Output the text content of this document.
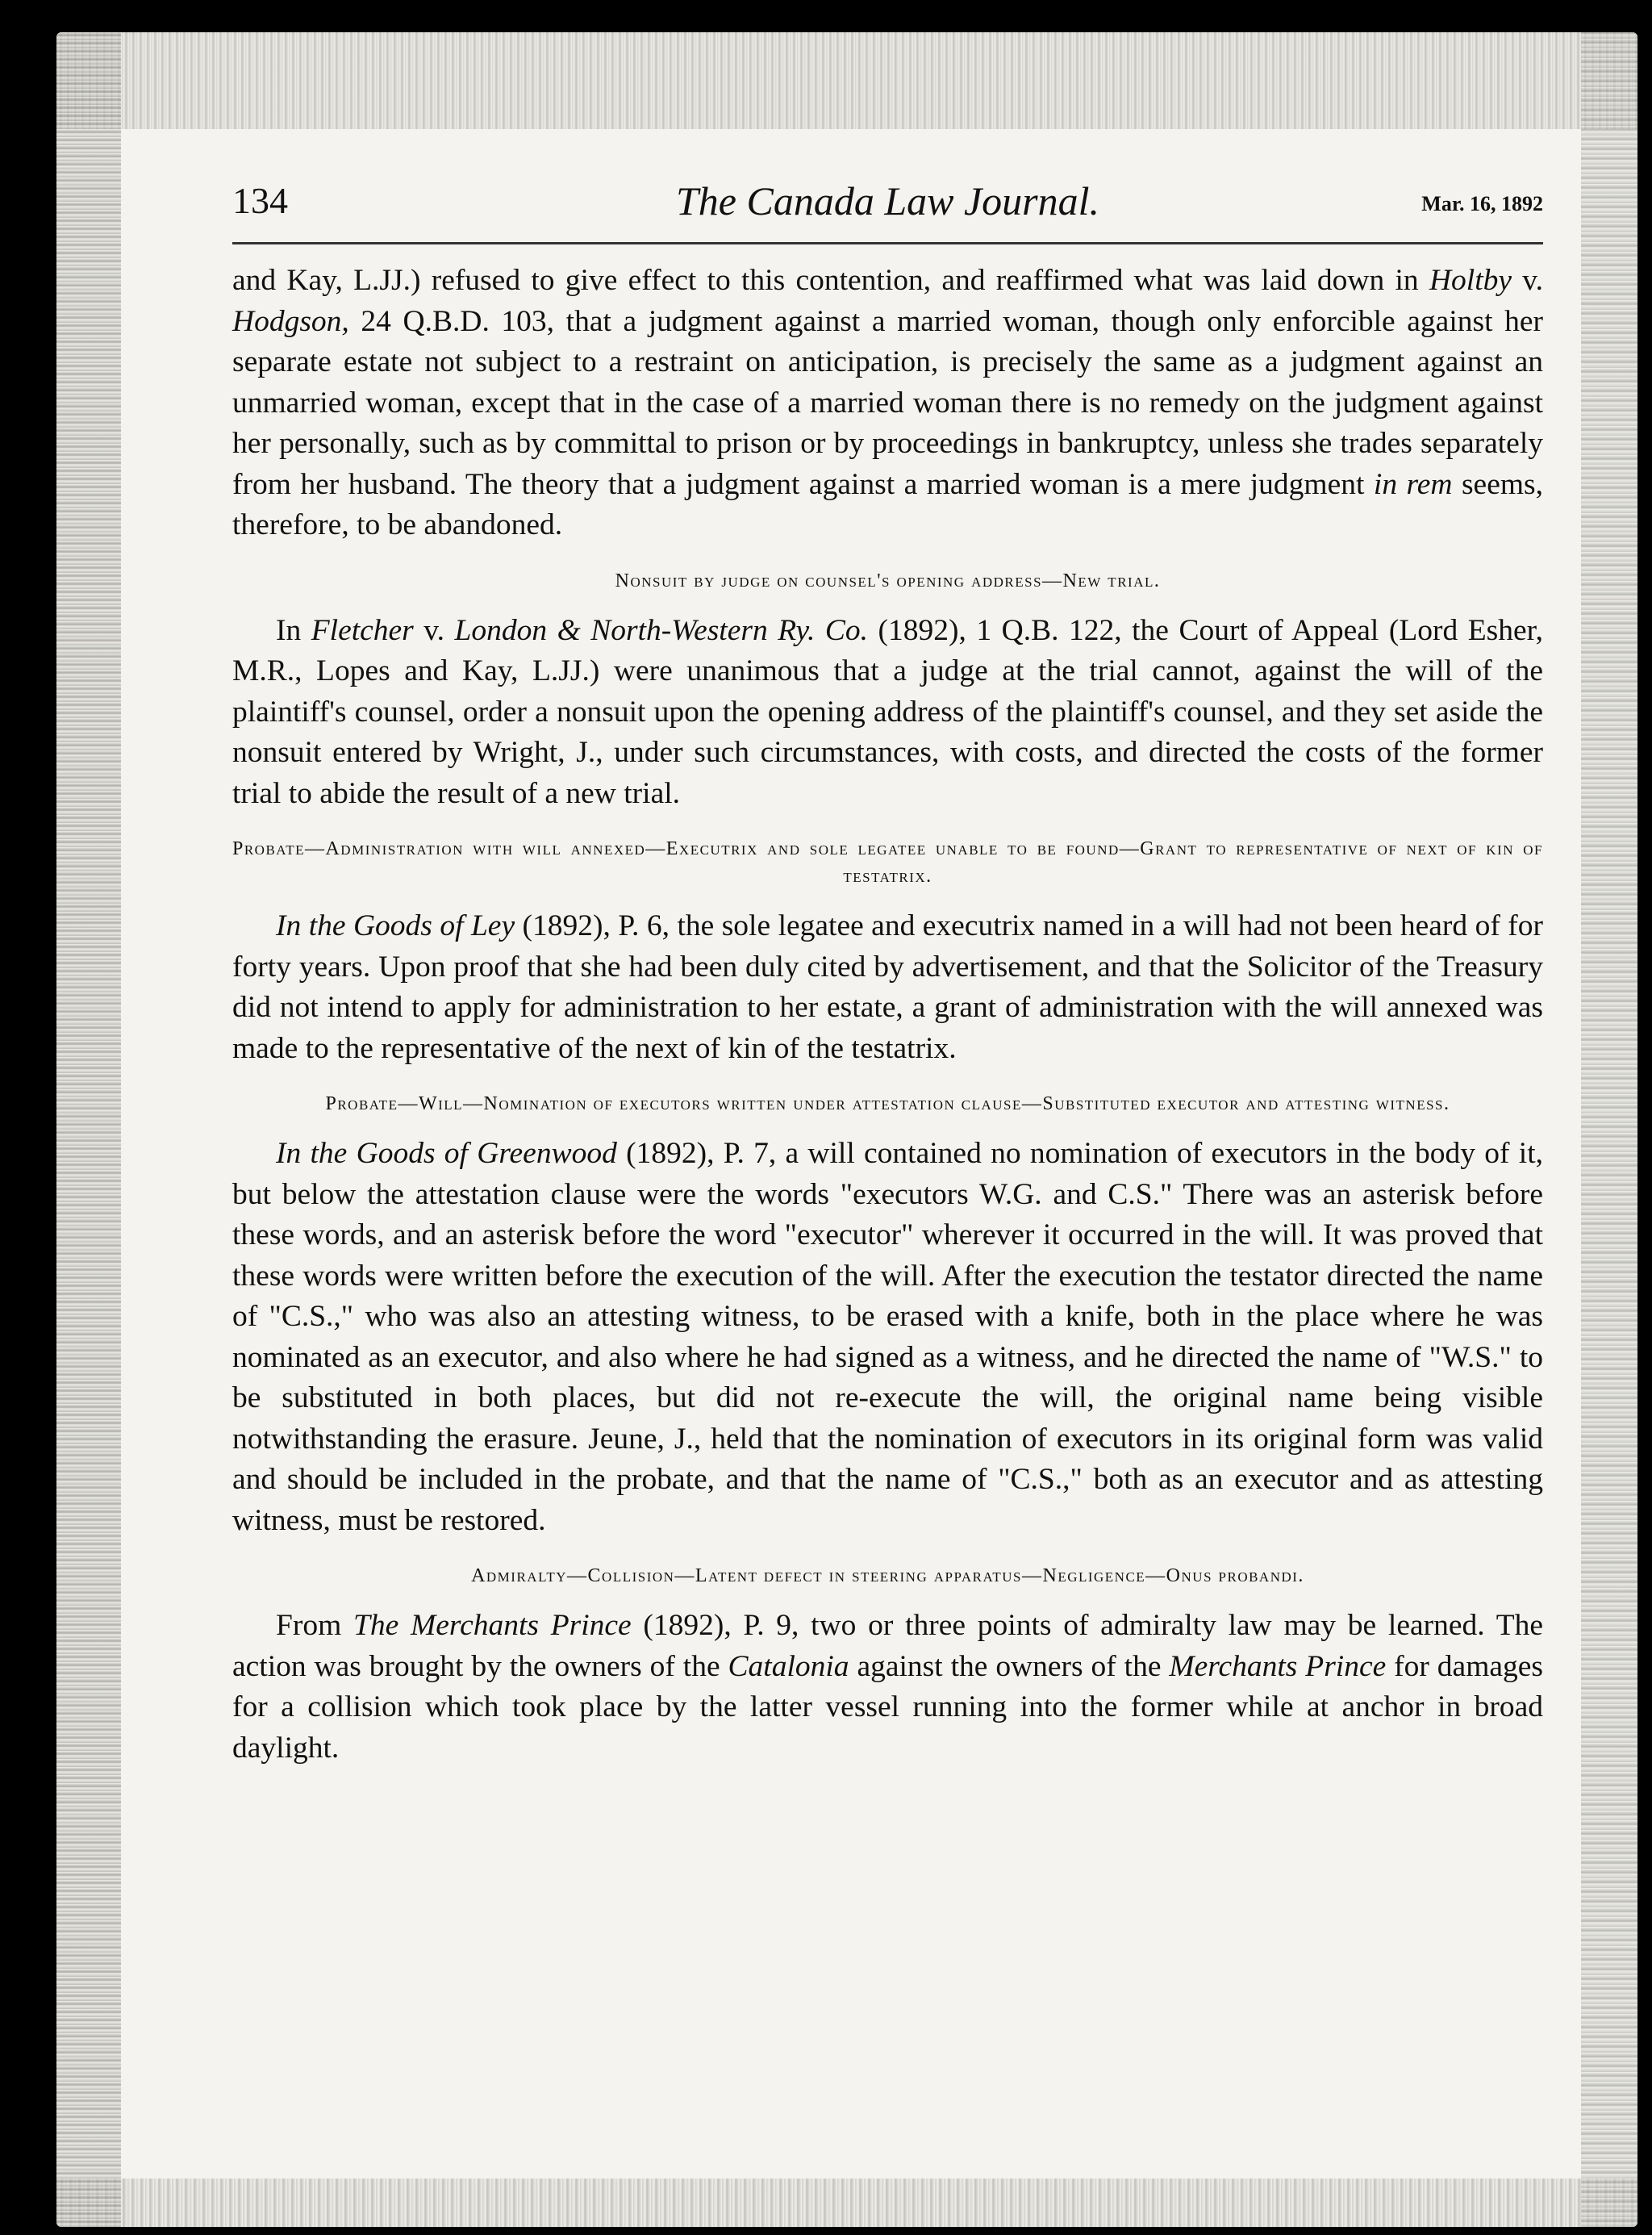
134	The Canada Law Journal.	Mar. 16, 1892

and Kay, L.JJ.) refused to give effect to this contention, and reaffirmed what was laid down in Holtby v. Hodgson, 24 Q.B.D. 103, that a judgment against a married woman, though only enforcible against her separate estate not subject to a restraint on anticipation, is precisely the same as a judgment against an unmarried woman, except that in the case of a married woman there is no remedy on the judgment against her personally, such as by committal to prison or by proceedings in bankruptcy, unless she trades separately from her husband. The theory that a judgment against a married woman is a mere judgment in rem seems, therefore, to be abandoned.

Nonsuit by judge on counsel's opening address—New trial.

In Fletcher v. London & North-Western Ry. Co. (1892), 1 Q.B. 122, the Court of Appeal (Lord Esher, M.R., Lopes and Kay, L.JJ.) were unanimous that a judge at the trial cannot, against the will of the plaintiff's counsel, order a nonsuit upon the opening address of the plaintiff's counsel, and they set aside the nonsuit entered by Wright, J., under such circumstances, with costs, and directed the costs of the former trial to abide the result of a new trial.

Probate—Administration with will annexed—Executrix and sole legatee unable to be found—Grant to representative of next of kin of testatrix.

In the Goods of Ley (1892), P. 6, the sole legatee and executrix named in a will had not been heard of for forty years. Upon proof that she had been duly cited by advertisement, and that the Solicitor of the Treasury did not intend to apply for administration to her estate, a grant of administration with the will annexed was made to the representative of the next of kin of the testatrix.

Probate—Will—Nomination of executors written under attestation clause—Substituted executor and attesting witness.

In the Goods of Greenwood (1892), P. 7, a will contained no nomination of executors in the body of it, but below the attestation clause were the words "executors W.G. and C.S." There was an asterisk before these words, and an asterisk before the word "executor" wherever it occurred in the will. It was proved that these words were written before the execution of the will. After the execution the testator directed the name of "C.S.," who was also an attesting witness, to be erased with a knife, both in the place where he was nominated as an executor, and also where he had signed as a witness, and he directed the name of "W.S." to be substituted in both places, but did not re-execute the will, the original name being visible notwithstanding the erasure. Jeune, J., held that the nomination of executors in its original form was valid and should be included in the probate, and that the name of "C.S.," both as an executor and as attesting witness, must be restored.

Admiralty—Collision—Latent defect in steering apparatus—Negligence—Onus probandi.

From The Merchants Prince (1892), P. 9, two or three points of admiralty law may be learned. The action was brought by the owners of the Catalonia against the owners of the Merchants Prince for damages for a collision which took place by the latter vessel running into the former while at anchor in broad daylight.
